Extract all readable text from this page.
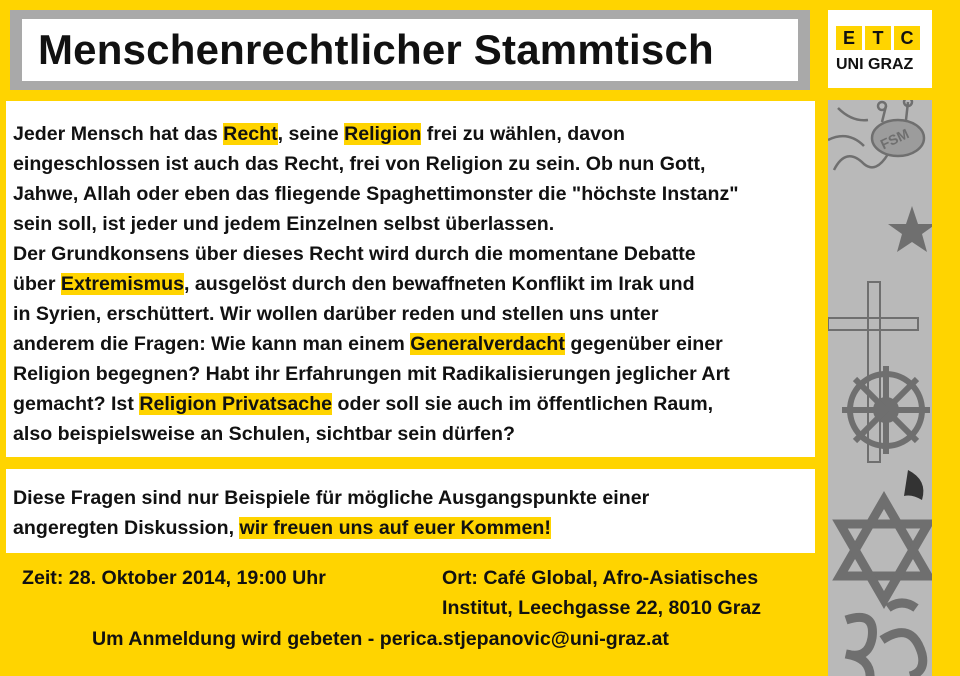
Menschenrechtlicher Stammtisch	E T C
UNI GRAZ
FSM

Jeder Mensch hat das Recht, seine Religion frei zu wählen, davon

eingeschlossen ist auch das Recht, frei von Religion zu sein. Ob nun Gott,

Jahwe, Allah oder eben das fliegende Spaghettimonster die "höchste Instanz"

sein soll, ist jeder und jedem Einzelnen selbst überlassen.

Der Grundkonsens über dieses Recht wird durch die momentane Debatte

über Extremismus, ausgelöst durch den bewaffneten Konflikt im Irak und

in Syrien, erschüttert. Wir wollen darüber reden und stellen uns unter

anderem die Fragen: Wie kann man einem Generalverdacht gegenüber einer

Religion begegnen? Habt ihr Erfahrungen mit Radikalisierungen jeglicher Art

gemacht? Ist Religion Privatsache oder soll sie auch im öffentlichen Raum,

also beispielsweise an Schulen, sichtbar sein dürfen?

Diese Fragen sind nur Beispiele für mögliche Ausgangspunkte einer

angeregten Diskussion, wir freuen uns auf euer Kommen!

Zeit: 28. Oktober 2014, 19:00 Uhr	Ort: Café Global, Afro-Asiatisches
Institut, Leechgasse 22, 8010 Graz
Um Anmeldung wird gebeten - perica.stjepanovic@uni-graz.at
